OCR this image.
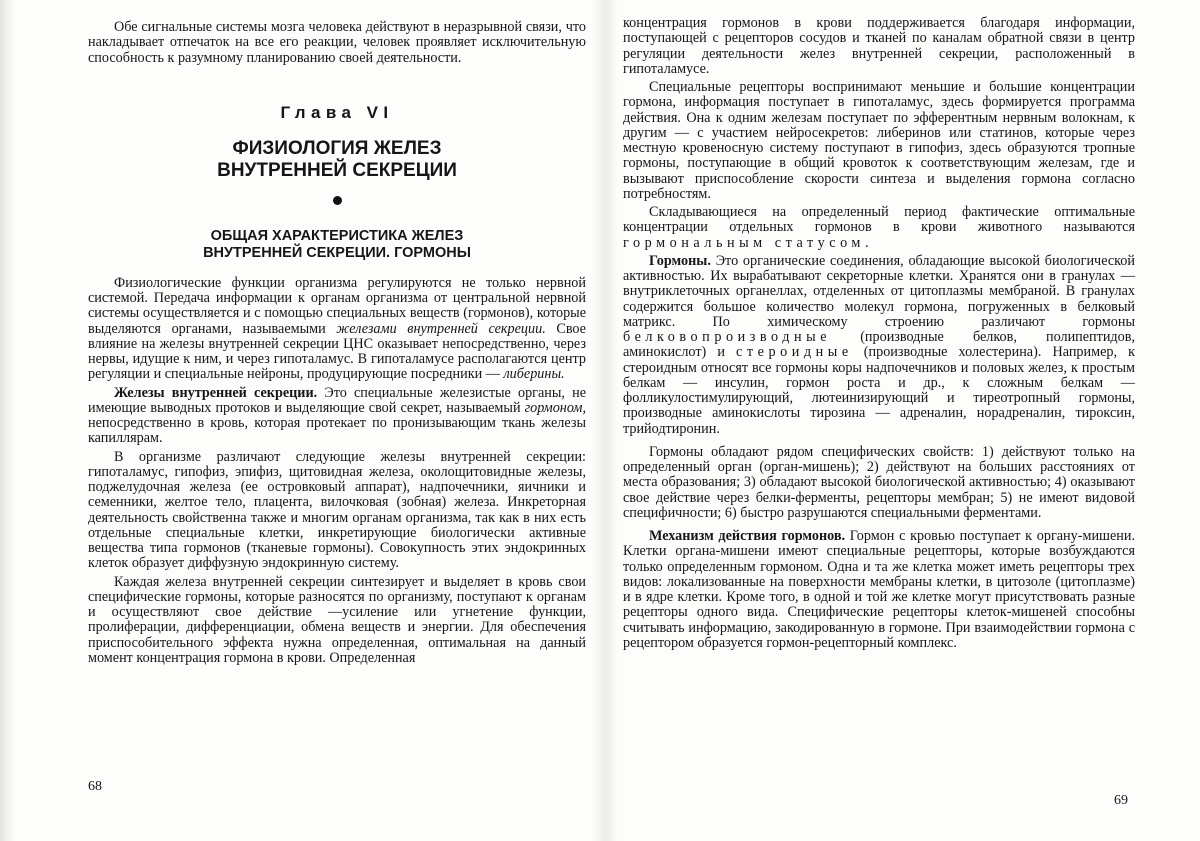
Обе сигнальные системы мозга человека действуют в неразрывной связи, что накладывает отпечаток на все его реакции, человек проявляет исключительную способность к разумному планированию своей деятельности.

Глава VI
ФИЗИОЛОГИЯ ЖЕЛЕЗ ВНУТРЕННЕЙ СЕКРЕЦИИ
ОБЩАЯ ХАРАКТЕРИСТИКА ЖЕЛЕЗ ВНУТРЕННЕЙ СЕКРЕЦИИ. ГОРМОНЫ

Физиологические функции организма регулируются не только нервной системой. Передача информации к органам организма от центральной нервной системы осуществляется и с помощью специальных веществ (гормонов), которые выделяются органами, называемыми железами внутренней секреции. Свое влияние на железы внутренней секреции ЦНС оказывает непосредственно, через нервы, идущие к ним, и через гипоталамус. В гипоталамусе располагаются центр регуляции и специальные нейроны, продуцирующие посредники — либерины.

Железы внутренней секреции. Это специальные железистые органы, не имеющие выводных протоков и выделяющие свой секрет, называемый гормоном, непосредственно в кровь, которая протекает по пронизывающим ткань железы капиллярам.

В организме различают следующие железы внутренней секреции: гипоталамус, гипофиз, эпифиз, щитовидная железа, околощитовидные железы, поджелудочная железа (ее островковый аппарат), надпочечники, яичники и семенники, желтое тело, плацента, вилочковая (зобная) железа. Инкреторная деятельность свойственна также и многим органам организма, так как в них есть отдельные специальные клетки, инкретирующие биологически активные вещества типа гормонов (тканевые гормоны). Совокупность этих эндокринных клеток образует диффузную эндокринную систему.

Каждая железа внутренней секреции синтезирует и выделяет в кровь свои специфические гормоны, которые разносятся по организму, поступают к органам и осуществляют свое действие —усиление или угнетение функции, пролиферации, дифференциации, обмена веществ и энергии. Для обеспечения приспособительного эффекта нужна определенная, оптимальная на данный момент концентрация гормона в крови. Определенная

68

концентрация гормонов в крови поддерживается благодаря информации, поступающей с рецепторов сосудов и тканей по каналам обратной связи в центр регуляции деятельности желез внутренней секреции, расположенный в гипоталамусе.

Специальные рецепторы воспринимают меньшие и большие концентрации гормона, информация поступает в гипоталамус, здесь формируется программа действия. Она к одним железам поступает по эфферентным нервным волокнам, к другим — с участием нейросекретов: либеринов или статинов, которые через местную кровеносную систему поступают в гипофиз, здесь образуются тропные гормоны, поступающие в общий кровоток к соответствующим железам, где и вызывают приспособление скорости синтеза и выделения гормона согласно потребностям.

Складывающиеся на определенный период фактические оптимальные концентрации отдельных гормонов в крови животного называются гормональным статусом.

Гормоны. Это органические соединения, обладающие высокой биологической активностью. Их вырабатывают секреторные клетки. Хранятся они в гранулах — внутриклеточных органеллах, отделенных от цитоплазмы мембраной. В гранулах содержится большое количество молекул гормона, погруженных в белковый матрикс. По химическому строению различают гормоны белковопроизводные (производные белков, полипептидов, аминокислот) и стероидные (производные холестерина). Например, к стероидным относят все гормоны коры надпочечников и половых желез, к простым белкам — инсулин, гормон роста и др., к сложным белкам — фолликулостимулирующий, лютеинизирующий и тиреотропный гормоны, производные аминокислоты тирозина — адреналин, норадреналин, тироксин, трийодтиронин.

Гормоны обладают рядом специфических свойств: 1) действуют только на определенный орган (орган-мишень); 2) действуют на больших расстояниях от места образования; 3) обладают высокой биологической активностью; 4) оказывают свое действие через белки-ферменты, рецепторы мембран; 5) не имеют видовой специфичности; 6) быстро разрушаются специальными ферментами.

Механизм действия гормонов. Гормон с кровью поступает к органу-мишени. Клетки органа-мишени имеют специальные рецепторы, которые возбуждаются только определенным гормоном. Одна и та же клетка может иметь рецепторы трех видов: локализованные на поверхности мембраны клетки, в цитозоле (цитоплазме) и в ядре клетки. Кроме того, в одной и той же клетке могут присутствовать разные рецепторы одного вида. Специфические рецепторы клеток-мишеней способны считывать информацию, закодированную в гормоне. При взаимодействии гормона с рецептором образуется гормон-рецепторный комплекс.

69
